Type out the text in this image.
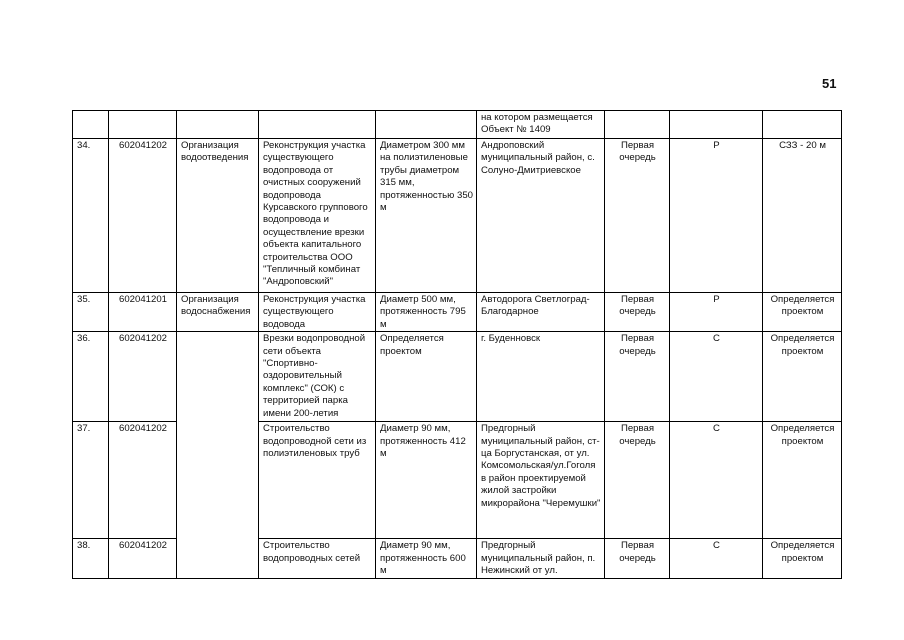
51
					на котором размещается Объект № 1409			
34.	602041202	Организация водоотведения	Реконструкция участка существующего водопровода от очистных сооружений водопровода Курсавского группового водопровода и осуществление врезки объекта капитального строительства ООО "Тепличный комбинат "Андроповский"	Диаметром 300 мм на полиэтиленовые трубы диаметром 315 мм, протяженностью 350 м	Андроповский муниципальный район, с. Солуно-Дмитриевское	Первая очередь	Р	СЗЗ - 20 м
35.	602041201	Организация водоснабжения	Реконструкция участка существующего водовода	Диаметр 500 мм, протяженность 795 м	Автодорога Светлоград-Благодарное	Первая очередь	Р	Определяется проектом
36.	602041202		Врезки водопроводной сети объекта "Спортивно-оздоровительный комплекс" (СОК) с территорией парка имени 200-летия	Определяется проектом	г. Буденновск	Первая очередь	С	Определяется проектом
37.	602041202		Строительство водопроводной сети из полиэтиленовых труб	Диаметр 90 мм, протяженность 412 м	Предгорный муниципальный район, ст-ца Боргустанская, от ул. Комсомольская/ул.Гоголя в район проектируемой жилой застройки микрорайона "Черемушки"	Первая очередь	С	Определяется проектом
38.	602041202		Строительство водопроводных сетей	Диаметр 90 мм, протяженность 600 м	Предгорный муниципальный район, п. Нежинский от ул.	Первая очередь	С	Определяется проектом
